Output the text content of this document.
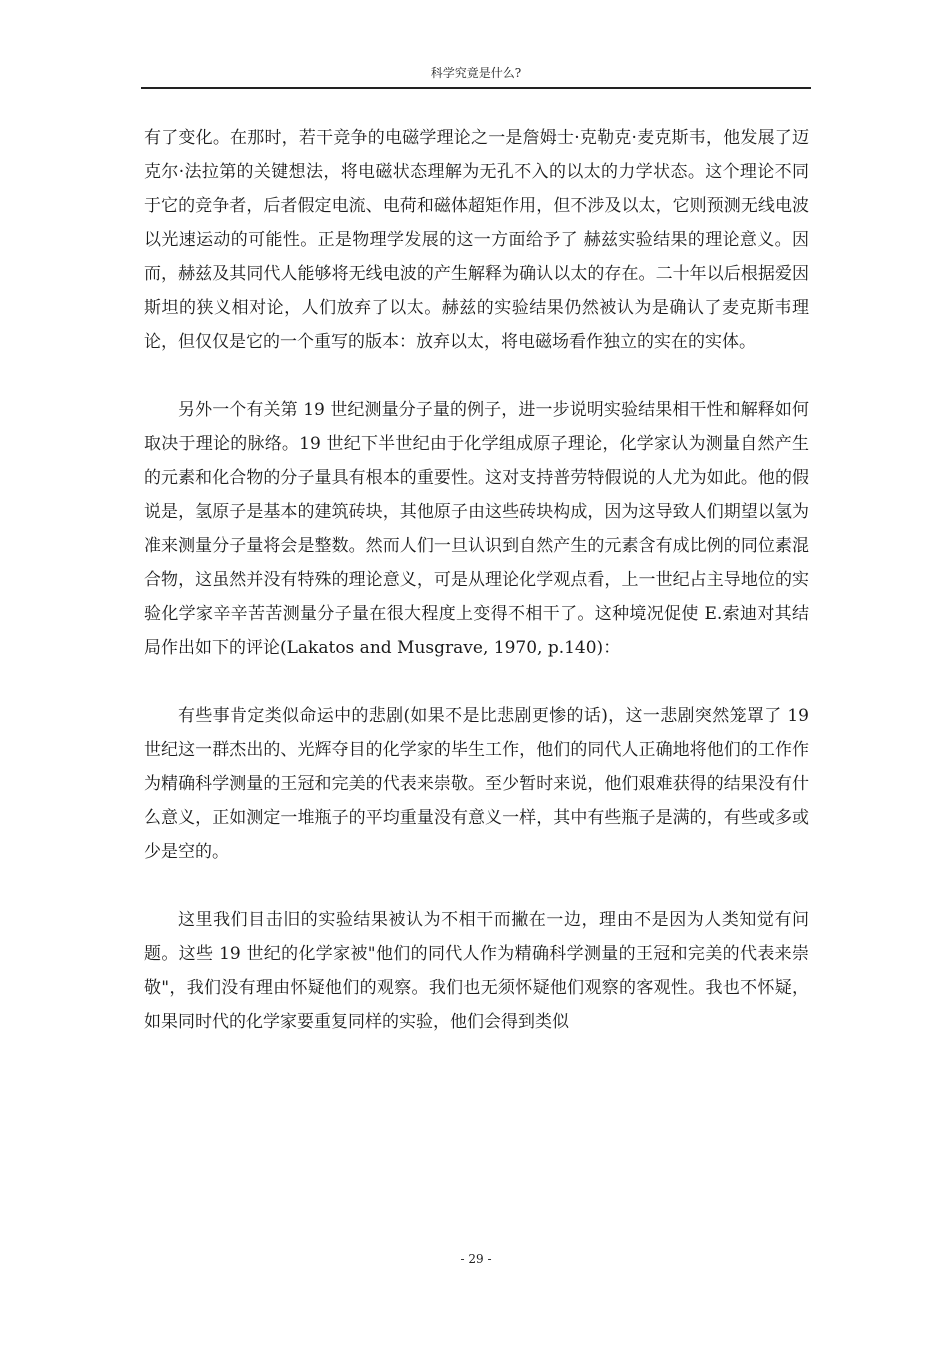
科学究竟是什么?

有了变化。在那时，若干竞争的电磁学理论之一是詹姆士·克勒克·麦克斯韦，他发展了迈克尔·法拉第的关键想法，将电磁状态理解为无孔不入的以太的力学状态。这个理论不同于它的竞争者，后者假定电流、电荷和磁体超矩作用，但不涉及以太，它则预测无线电波以光速运动的可能性。正是物理学发展的这一方面给予了 赫兹实验结果的理论意义。因而，赫兹及其同代人能够将无线电波的产生解释为确认以太的存在。二十年以后根据爱因斯坦的狭义相对论，人们放弃了以太。赫兹的实验结果仍然被认为是确认了麦克斯韦理论，但仅仅是它的一个重写的版本：放弃以太，将电磁场看作独立的实在的实体。

另外一个有关第 19 世纪测量分子量的例子，进一步说明实验结果相干性和解释如何取决于理论的脉络。19 世纪下半世纪由于化学组成原子理论，化学家认为测量自然产生的元素和化合物的分子量具有根本的重要性。这对支持普劳特假说的人尤为如此。他的假说是，氢原子是基本的建筑砖块，其他原子由这些砖块构成，因为这导致人们期望以氢为准来测量分子量将会是整数。然而人们一旦认识到自然产生的元素含有成比例的同位素混合物，这虽然并没有特殊的理论意义，可是从理论化学观点看，上一世纪占主导地位的实验化学家辛辛苦苦测量分子量在很大程度上变得不相干了。这种境况促使 E.索迪对其结局作出如下的评论(Lakatos and Musgrave, 1970, p.140)：

有些事肯定类似命运中的悲剧(如果不是比悲剧更惨的话)，这一悲剧突然笼罩了 19 世纪这一群杰出的、光辉夺目的化学家的毕生工作，他们的同代人正确地将他们的工作作为精确科学测量的王冠和完美的代表来崇敬。至少暂时来说，他们艰难获得的结果没有什么意义，正如测定一堆瓶子的平均重量没有意义一样，其中有些瓶子是满的，有些或多或少是空的。

这里我们目击旧的实验结果被认为不相干而撇在一边，理由不是因为人类知觉有问题。这些 19 世纪的化学家被"他们的同代人作为精确科学测量的王冠和完美的代表来崇敬"，我们没有理由怀疑他们的观察。我们也无须怀疑他们观察的客观性。我也不怀疑，如果同时代的化学家要重复同样的实验，他们会得到类似

- 29 -
